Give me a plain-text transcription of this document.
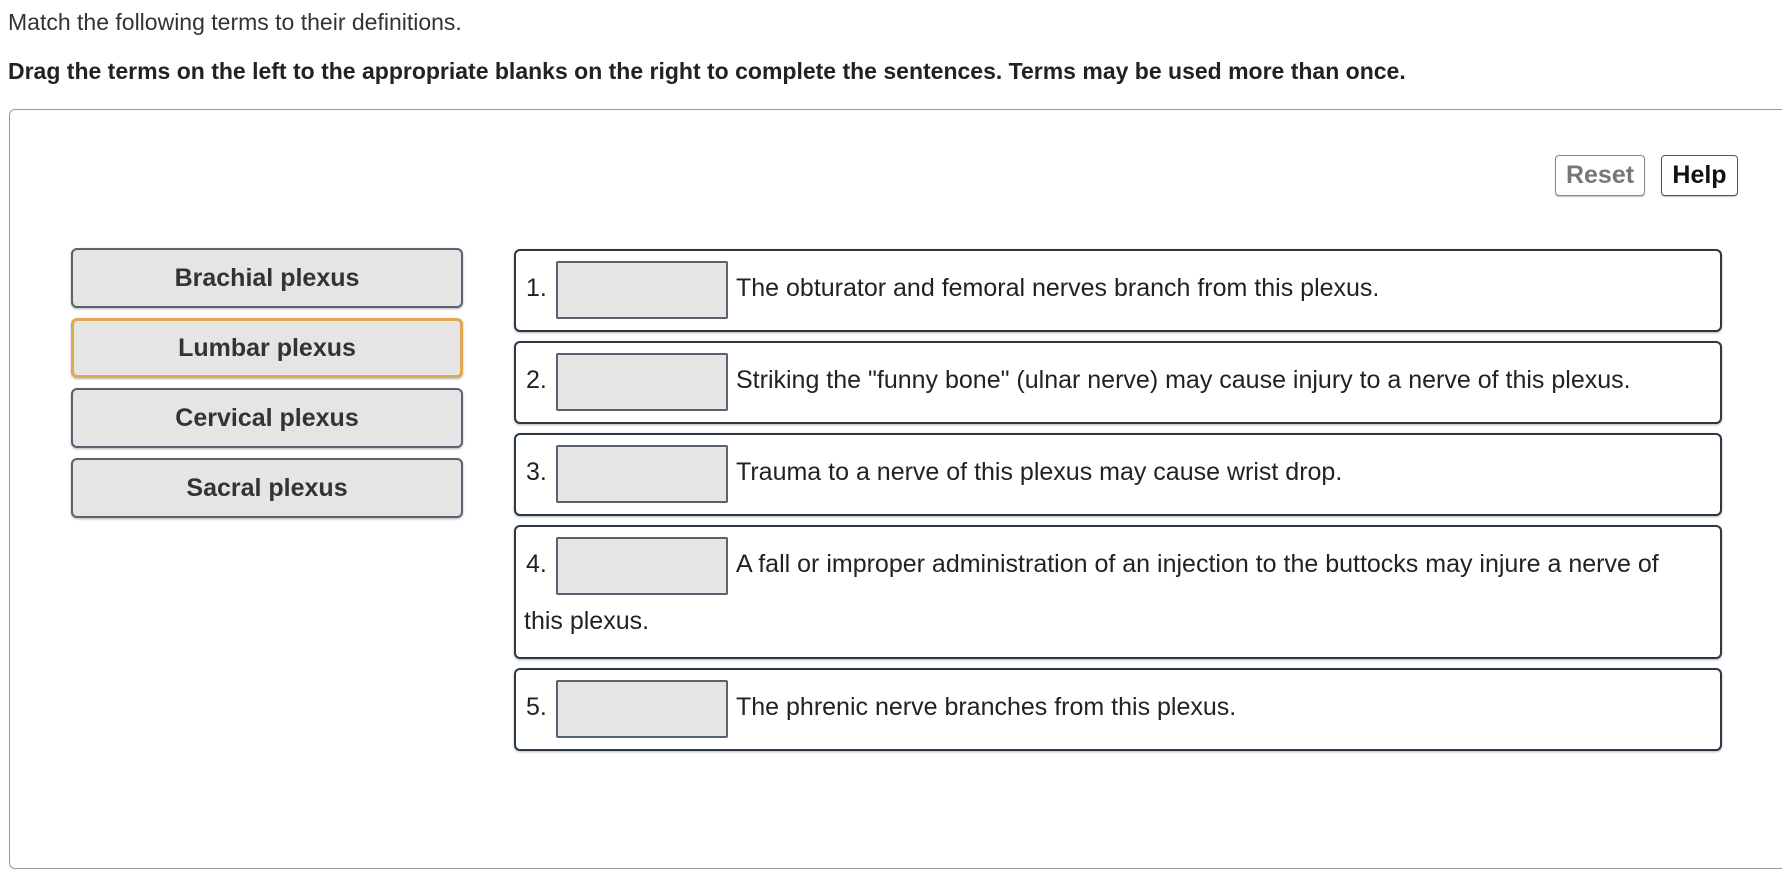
Match the following terms to their definitions.
Drag the terms on the left to the appropriate blanks on the right to complete the sentences. Terms may be used more than once.
Reset	Help
Brachial plexus
Lumbar plexus
Cervical plexus
Sacral plexus
1.	The obturator and femoral nerves branch from this plexus.
2.	Striking the "funny bone" (ulnar nerve) may cause injury to a nerve of this plexus.
3.	Trauma to a nerve of this plexus may cause wrist drop.
4.	A fall or improper administration of an injection to the buttocks may injure a nerve of
this plexus.
5.	The phrenic nerve branches from this plexus.
